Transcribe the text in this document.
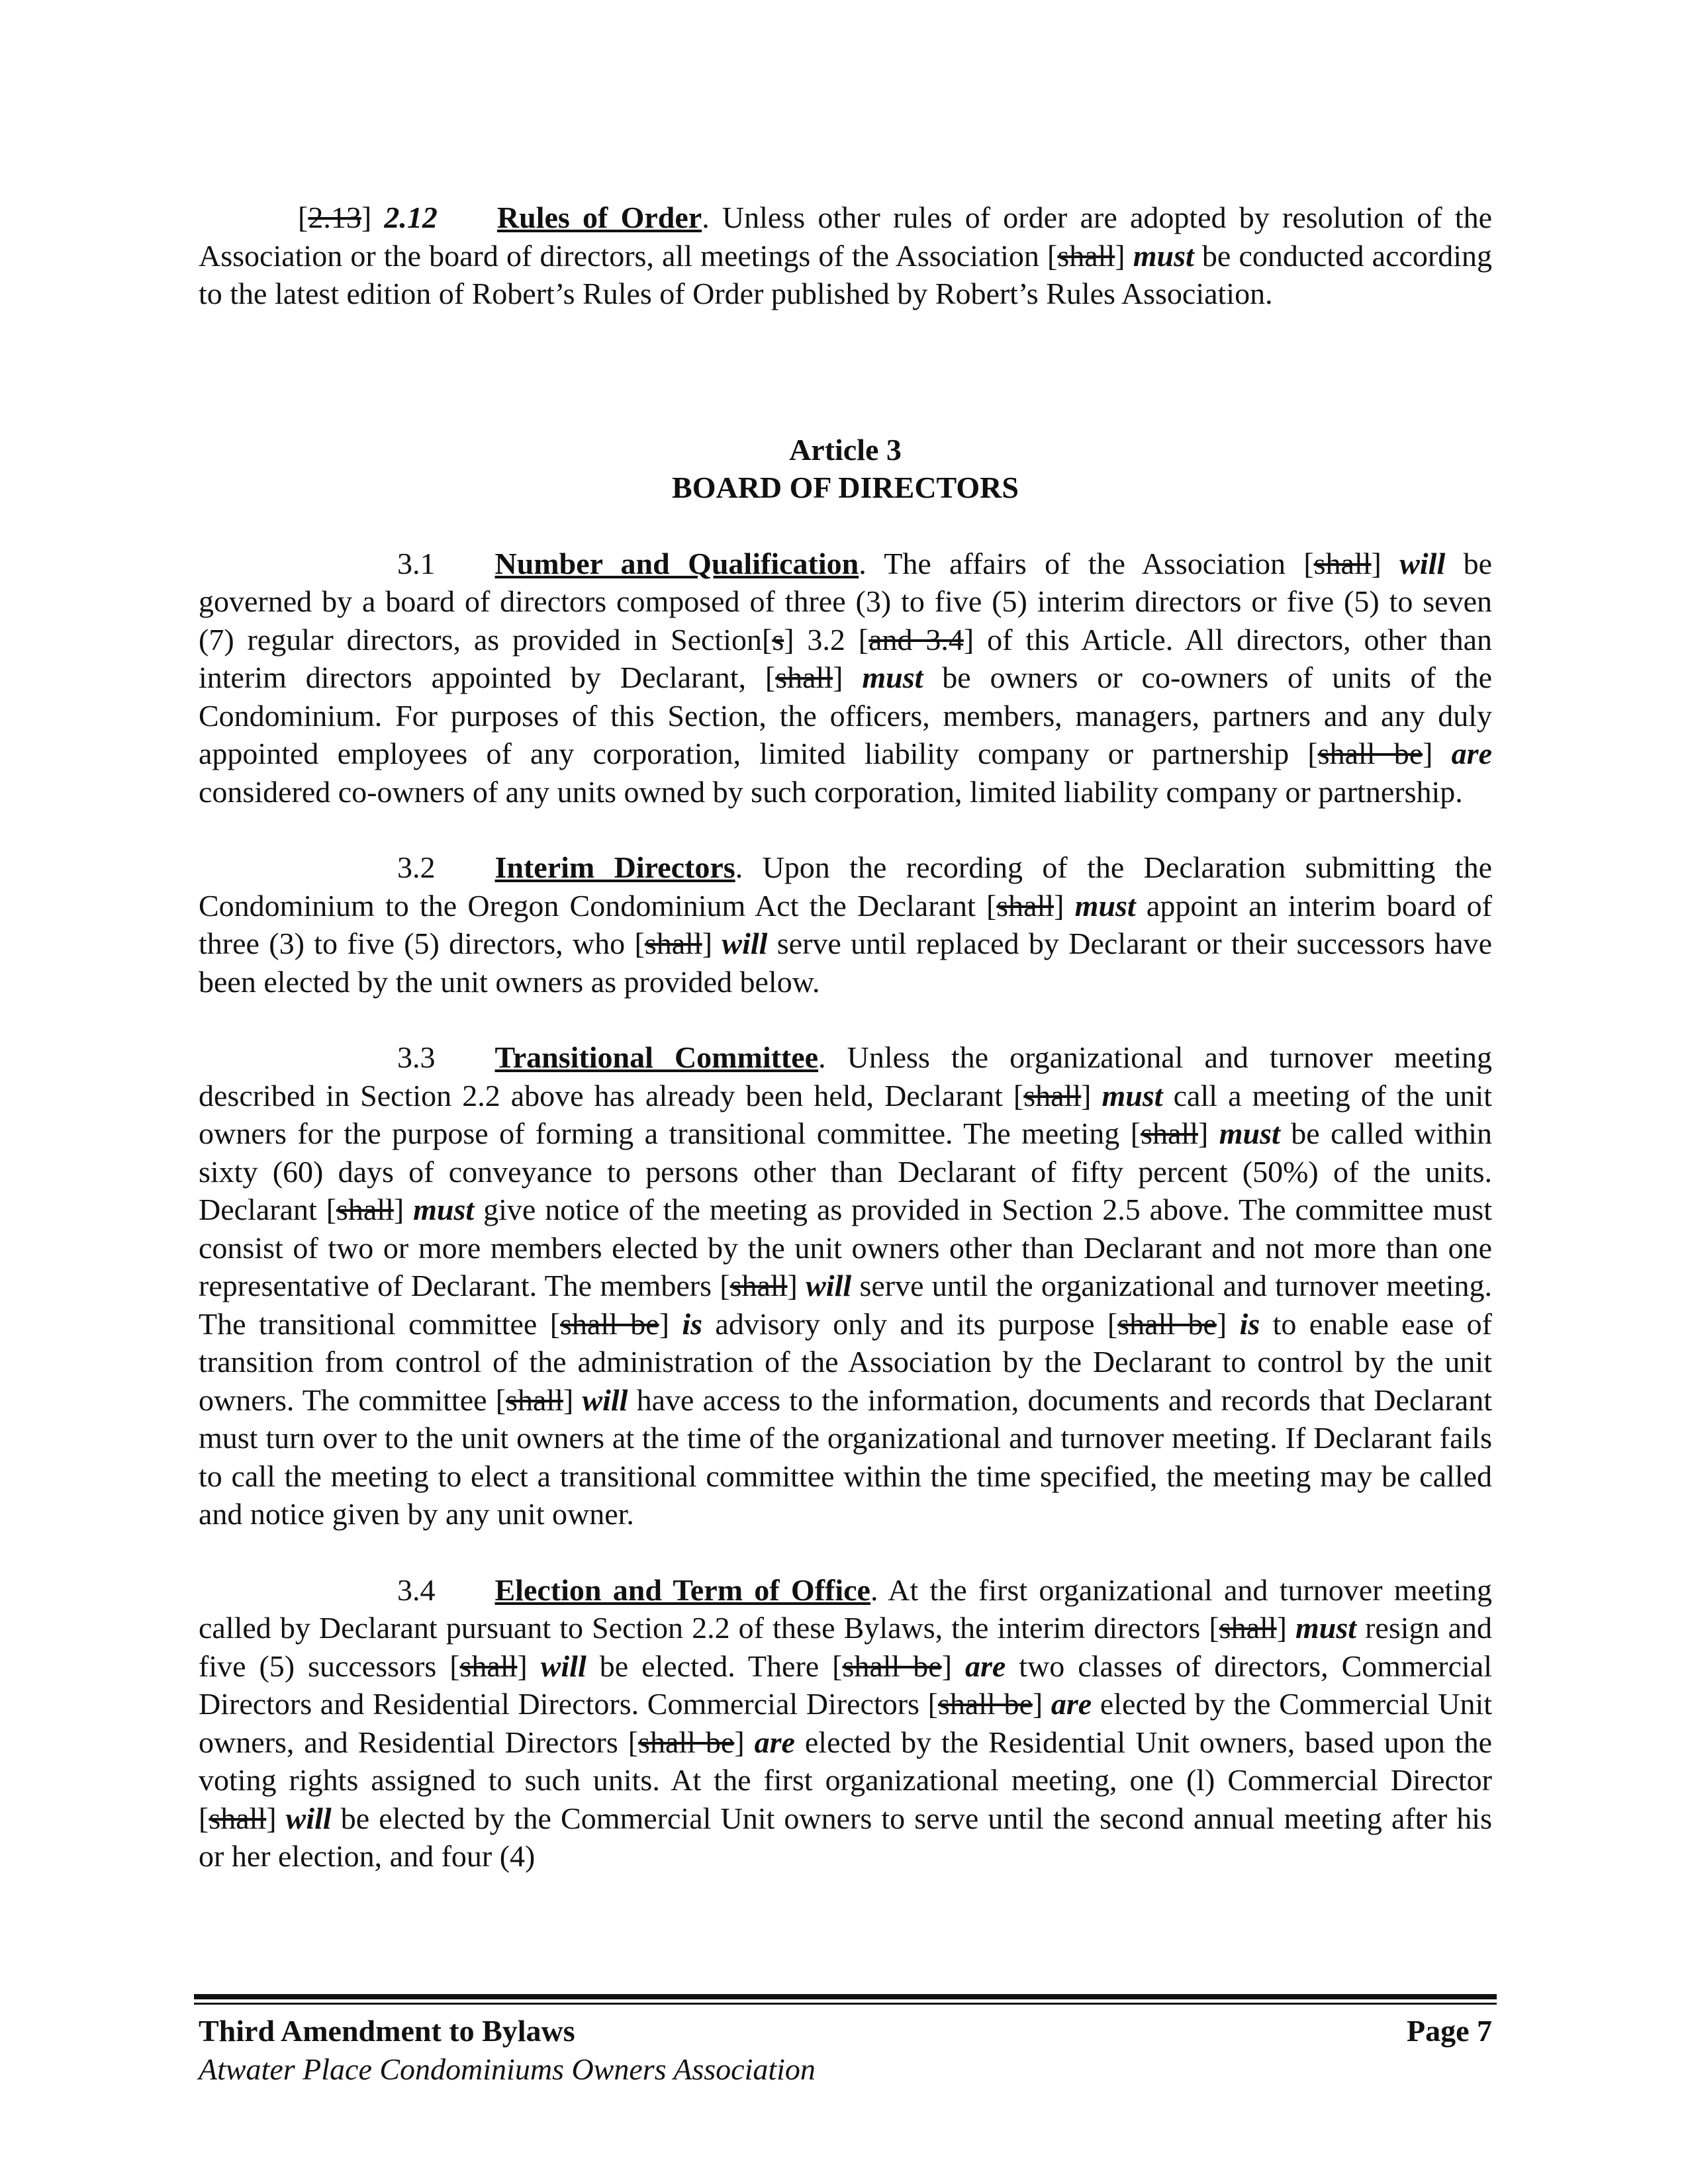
[2.13] 2.12 Rules of Order. Unless other rules of order are adopted by resolution of the Association or the board of directors, all meetings of the Association [shall] must be conducted according to the latest edition of Robert’s Rules of Order published by Robert’s Rules Association.

Article 3

BOARD OF DIRECTORS

3.1 Number and Qualification. The affairs of the Association [shall] will be governed by a board of directors composed of three (3) to five (5) interim directors or five (5) to seven (7) regular directors, as provided in Section[s] 3.2 [and 3.4] of this Article. All directors, other than interim directors appointed by Declarant, [shall] must be owners or co-owners of units of the Condominium. For purposes of this Section, the officers, members, managers, partners and any duly appointed employees of any corporation, limited liability company or partnership [shall be] are considered co-owners of any units owned by such corporation, limited liability company or partnership.

3.2 Interim Directors. Upon the recording of the Declaration submitting the Condominium to the Oregon Condominium Act the Declarant [shall] must appoint an interim board of three (3) to five (5) directors, who [shall] will serve until replaced by Declarant or their successors have been elected by the unit owners as provided below.

3.3 Transitional Committee. Unless the organizational and turnover meeting described in Section 2.2 above has already been held, Declarant [shall] must call a meeting of the unit owners for the purpose of forming a transitional committee. The meeting [shall] must be called within sixty (60) days of conveyance to persons other than Declarant of fifty percent (50%) of the units. Declarant [shall] must give notice of the meeting as provided in Section 2.5 above. The committee must consist of two or more members elected by the unit owners other than Declarant and not more than one representative of Declarant. The members [shall] will serve until the organizational and turnover meeting. The transitional committee [shall be] is advisory only and its purpose [shall be] is to enable ease of transition from control of the administration of the Association by the Declarant to control by the unit owners. The committee [shall] will have access to the information, documents and records that Declarant must turn over to the unit owners at the time of the organizational and turnover meeting. If Declarant fails to call the meeting to elect a transitional committee within the time specified, the meeting may be called and notice given by any unit owner.

3.4 Election and Term of Office. At the first organizational and turnover meeting called by Declarant pursuant to Section 2.2 of these Bylaws, the interim directors [shall] must resign and five (5) successors [shall] will be elected. There [shall be] are two classes of directors, Commercial Directors and Residential Directors. Commercial Directors [shall be] are elected by the Commercial Unit owners, and Residential Directors [shall be] are elected by the Residential Unit owners, based upon the voting rights assigned to such units. At the first organizational meeting, one (l) Commercial Director [shall] will be elected by the Commercial Unit owners to serve until the second annual meeting after his or her election, and four (4)

Third Amendment to Bylaws
Atwater Place Condominiums Owners Association
Page 7
